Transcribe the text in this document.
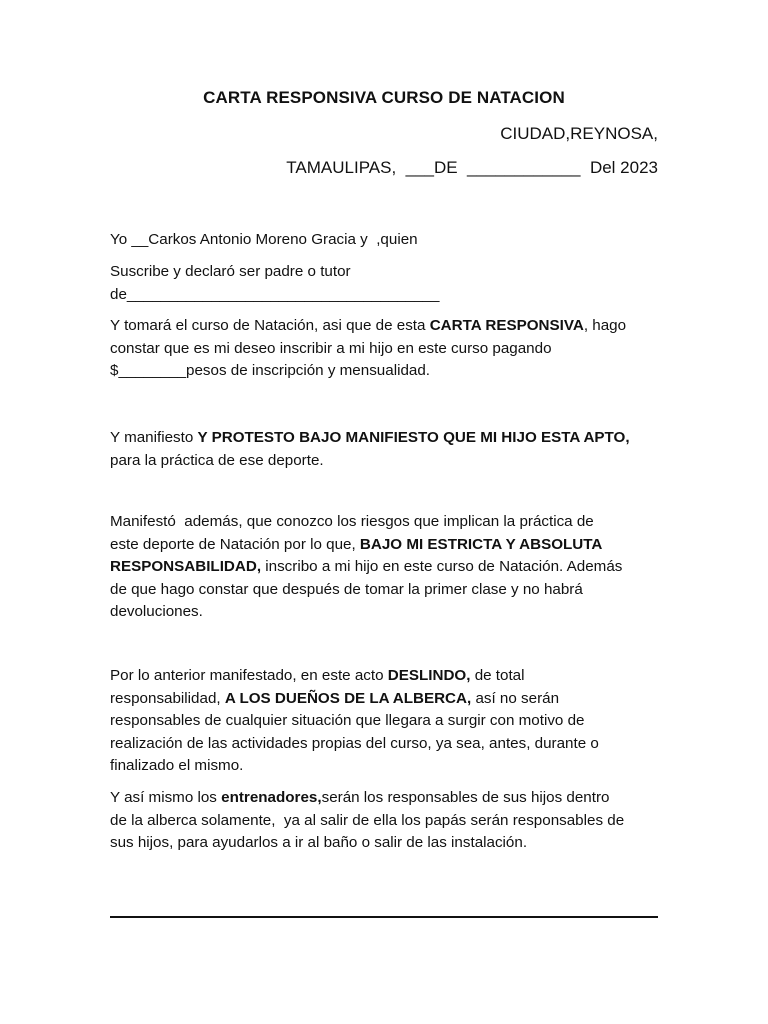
CARTA RESPONSIVA CURSO DE NATACION
CIUDAD,REYNOSA,
TAMAULIPAS,  ___DE  ____________  Del 2023
Yo __Carkos Antonio Moreno Gracia y  ,quien
Suscribe y declaró ser padre o tutor
de_____________________________________
Y tomará el curso de Natación, asi que de esta CARTA RESPONSIVA, hago
constar que es mi deseo inscribir a mi hijo en este curso pagando
$________pesos de inscripción y mensualidad.
Y manifiesto Y PROTESTO BAJO MANIFIESTO QUE MI HIJO ESTA APTO,
para la práctica de ese deporte.
Manifestó  además, que conozco los riesgos que implican la práctica de
este deporte de Natación por lo que, BAJO MI ESTRICTA Y ABSOLUTA
RESPONSABILIDAD, inscribo a mi hijo en este curso de Natación. Además
de que hago constar que después de tomar la primer clase y no habrá
devoluciones.
Por lo anterior manifestado, en este acto DESLINDO, de total
responsabilidad, A LOS DUEÑOS DE LA ALBERCA, así no serán
responsables de cualquier situación que llegara a surgir con motivo de
realización de las actividades propias del curso, ya sea, antes, durante o
finalizado el mismo.
Y así mismo los entrenadores,serán los responsables de sus hijos dentro
de la alberca solamente,  ya al salir de ella los papás serán responsables de
sus hijos, para ayudarlos a ir al baño o salir de las instalación.
